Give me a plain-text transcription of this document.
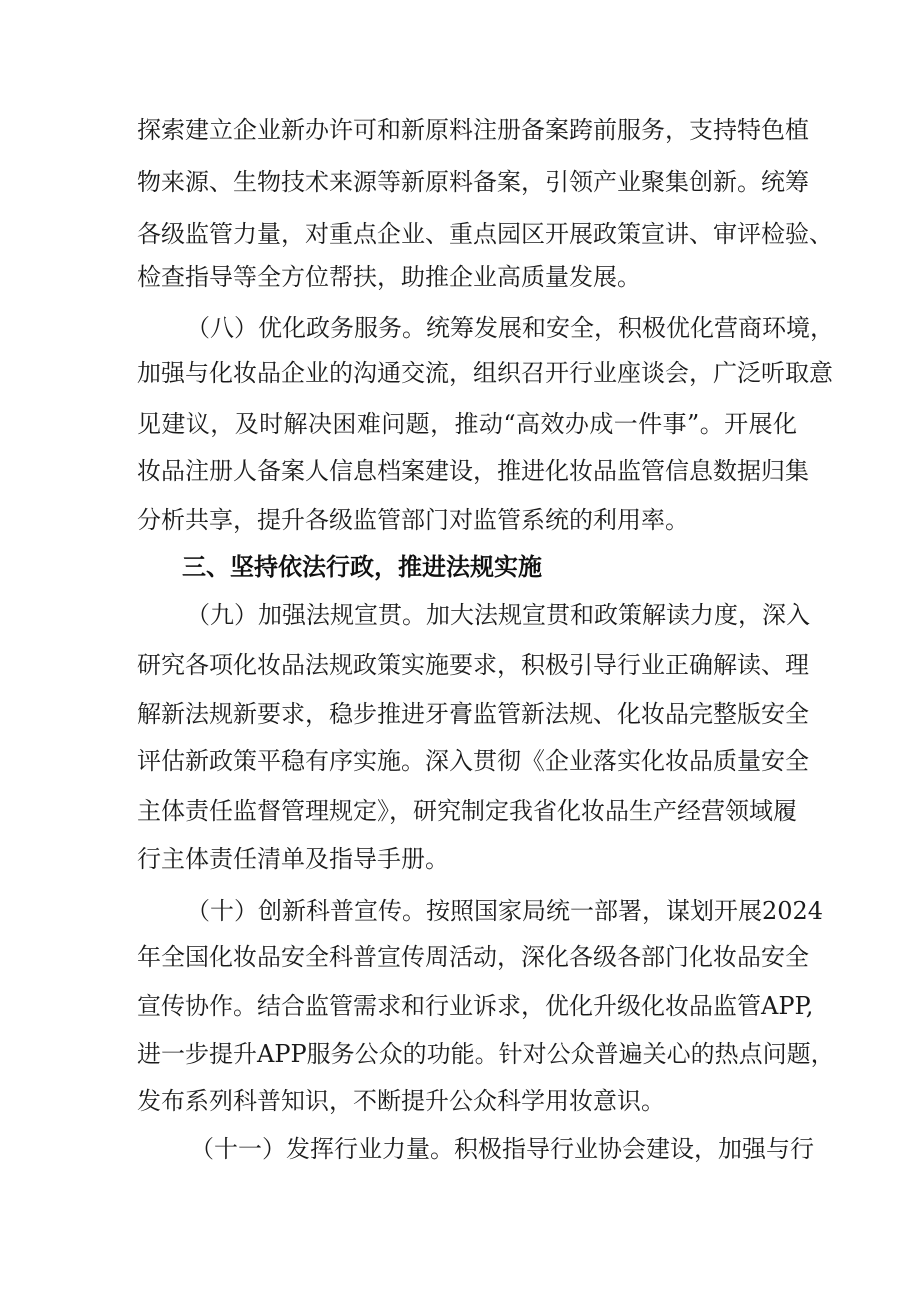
探索建立企业新办许可和新原料注册备案跨前服务，支持特色植
物来源、生物技术来源等新原料备案，引领产业聚集创新。统筹
各级监管力量，对重点企业、重点园区开展政策宣讲、审评检验、
检查指导等全方位帮扶，助推企业高质量发展。
（八）优化政务服务。统筹发展和安全，积极优化营商环境，
加强与化妆品企业的沟通交流，组织召开行业座谈会，广泛听取意
见建议，及时解决困难问题，推动“高效办成一件事”。开展化
妆品注册人备案人信息档案建设，推进化妆品监管信息数据归集
分析共享，提升各级监管部门对监管系统的利用率。
三、坚持依法行政，推进法规实施
（九）加强法规宣贯。加大法规宣贯和政策解读力度，深入
研究各项化妆品法规政策实施要求，积极引导行业正确解读、理
解新法规新要求，稳步推进牙膏监管新法规、化妆品完整版安全
评估新政策平稳有序实施。深入贯彻《企业落实化妆品质量安全
主体责任监督管理规定》，研究制定我省化妆品生产经营领域履
行主体责任清单及指导手册。
（十）创新科普宣传。按照国家局统一部署，谋划开展2024
年全国化妆品安全科普宣传周活动，深化各级各部门化妆品安全
宣传协作。结合监管需求和行业诉求，优化升级化妆品监管APP,
进一步提升APP服务公众的功能。针对公众普遍关心的热点问题，
发布系列科普知识，不断提升公众科学用妆意识。
（十一）发挥行业力量。积极指导行业协会建设，加强与行
